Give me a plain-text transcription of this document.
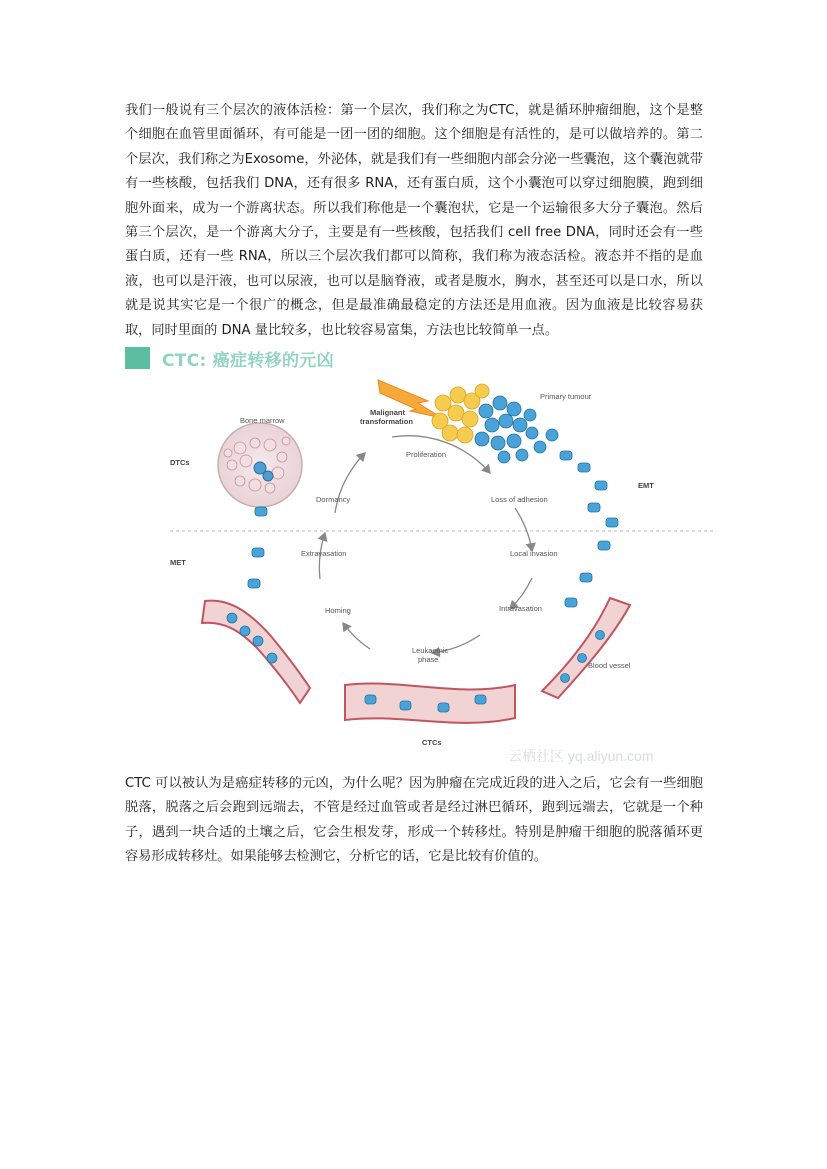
我们一般说有三个层次的液体活检：第一个层次，我们称之为CTC，就是循环肿瘤细胞，这个是整个细胞在血管里面循环，有可能是一团一团的细胞。这个细胞是有活性的，是可以做培养的。第二个层次，我们称之为Exosome，外泌体，就是我们有一些细胞内部会分泌一些囊泡，这个囊泡就带有一些核酸，包括我们 DNA，还有很多 RNA，还有蛋白质，这个小囊泡可以穿过细胞膜，跑到细胞外面来，成为一个游离状态。所以我们称他是一个囊泡状，它是一个运输很多大分子囊泡。然后第三个层次，是一个游离大分子，主要是有一些核酸，包括我们 cell free DNA，同时还会有一些蛋白质，还有一些 RNA，所以三个层次我们都可以简称，我们称为液态活检。液态并不指的是血液，也可以是汗液，也可以尿液，也可以是脑脊液，或者是腹水，胸水，甚至还可以是口水，所以就是说其实它是一个很广的概念，但是最准确最稳定的方法还是用血液。因为血液是比较容易获取，同时里面的 DNA 量比较多，也比较容易富集，方法也比较简单一点。

CTC: 癌症转移的元凶
Bone marrow
DTCs
MET
Malignant
transformation
Primary tumour
EMT
Blood vessel
CTCs
Proliferation
Loss of adhesion
Local invasion
Intravasation
Leukaemic
phase
Homing
Extravasation
Dormancy
云栖社区 yq.aliyun.com

CTC 可以被认为是癌症转移的元凶，为什么呢？因为肿瘤在完成近段的进入之后，它会有一些细胞脱落，脱落之后会跑到远端去，不管是经过血管或者是经过淋巴循环，跑到远端去，它就是一个种子，遇到一块合适的土壤之后，它会生根发芽，形成一个转移灶。特别是肿瘤干细胞的脱落循环更容易形成转移灶。如果能够去检测它，分析它的话，它是比较有价值的。
